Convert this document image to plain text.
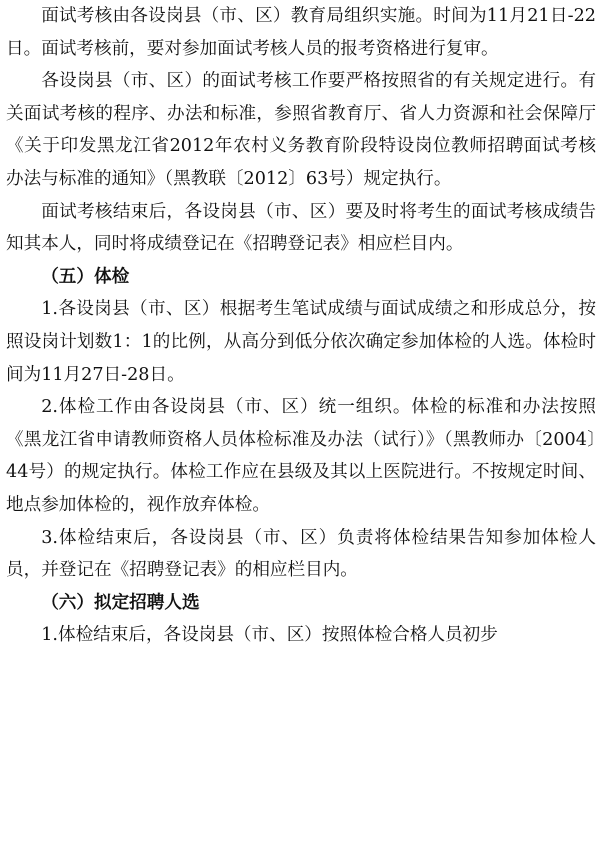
面试考核由各设岗县（市、区）教育局组织实施。时间为11月21日-22日。面试考核前，要对参加面试考核人员的报考资格进行复审。

各设岗县（市、区）的面试考核工作要严格按照省的有关规定进行。有关面试考核的程序、办法和标准，参照省教育厅、省人力资源和社会保障厅《关于印发黑龙江省2012年农村义务教育阶段特设岗位教师招聘面试考核办法与标准的通知》（黑教联〔2012〕63号）规定执行。

面试考核结束后，各设岗县（市、区）要及时将考生的面试考核成绩告知其本人，同时将成绩登记在《招聘登记表》相应栏目内。

（五）体检

1.各设岗县（市、区）根据考生笔试成绩与面试成绩之和形成总分，按照设岗计划数1：1的比例，从高分到低分依次确定参加体检的人选。体检时间为11月27日-28日。

2.体检工作由各设岗县（市、区）统一组织。体检的标准和办法按照《黑龙江省申请教师资格人员体检标准及办法（试行）》（黑教师办〔2004〕44号）的规定执行。体检工作应在县级及其以上医院进行。不按规定时间、地点参加体检的，视作放弃体检。

3.体检结束后，各设岗县（市、区）负责将体检结果告知参加体检人员，并登记在《招聘登记表》的相应栏目内。

（六）拟定招聘人选

1.体检结束后，各设岗县（市、区）按照体检合格人员初步
